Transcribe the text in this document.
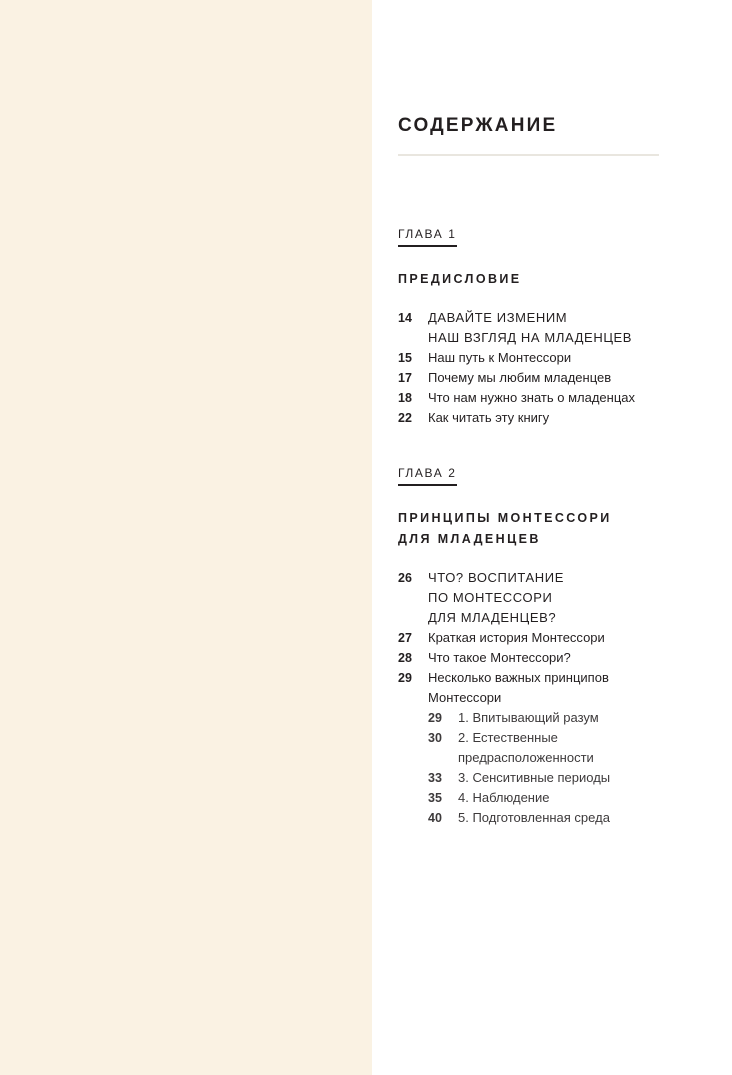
СОДЕРЖАНИЕ
ГЛАВА 1
ПРЕДИСЛОВИЕ
14	ДАВАЙТЕ ИЗМЕНИМ
НАШ ВЗГЛЯД НА МЛАДЕНЦЕВ
15	Наш путь к Монтессори
17	Почему мы любим младенцев
18	Что нам нужно знать о младенцах
22	Как читать эту книгу
ГЛАВА 2
ПРИНЦИПЫ МОНТЕССОРИ
ДЛЯ МЛАДЕНЦЕВ
26	ЧТО? ВОСПИТАНИЕ
ПО МОНТЕССОРИ
ДЛЯ МЛАДЕНЦЕВ?
27	Краткая история Монтессори
28	Что такое Монтессори?
29	Несколько важных принципов
Монтессори
29	1. Впитывающий разум
30	2. Естественные
предрасположенности
33	3. Сенситивные периоды
35	4. Наблюдение
40	5. Подготовленная среда
